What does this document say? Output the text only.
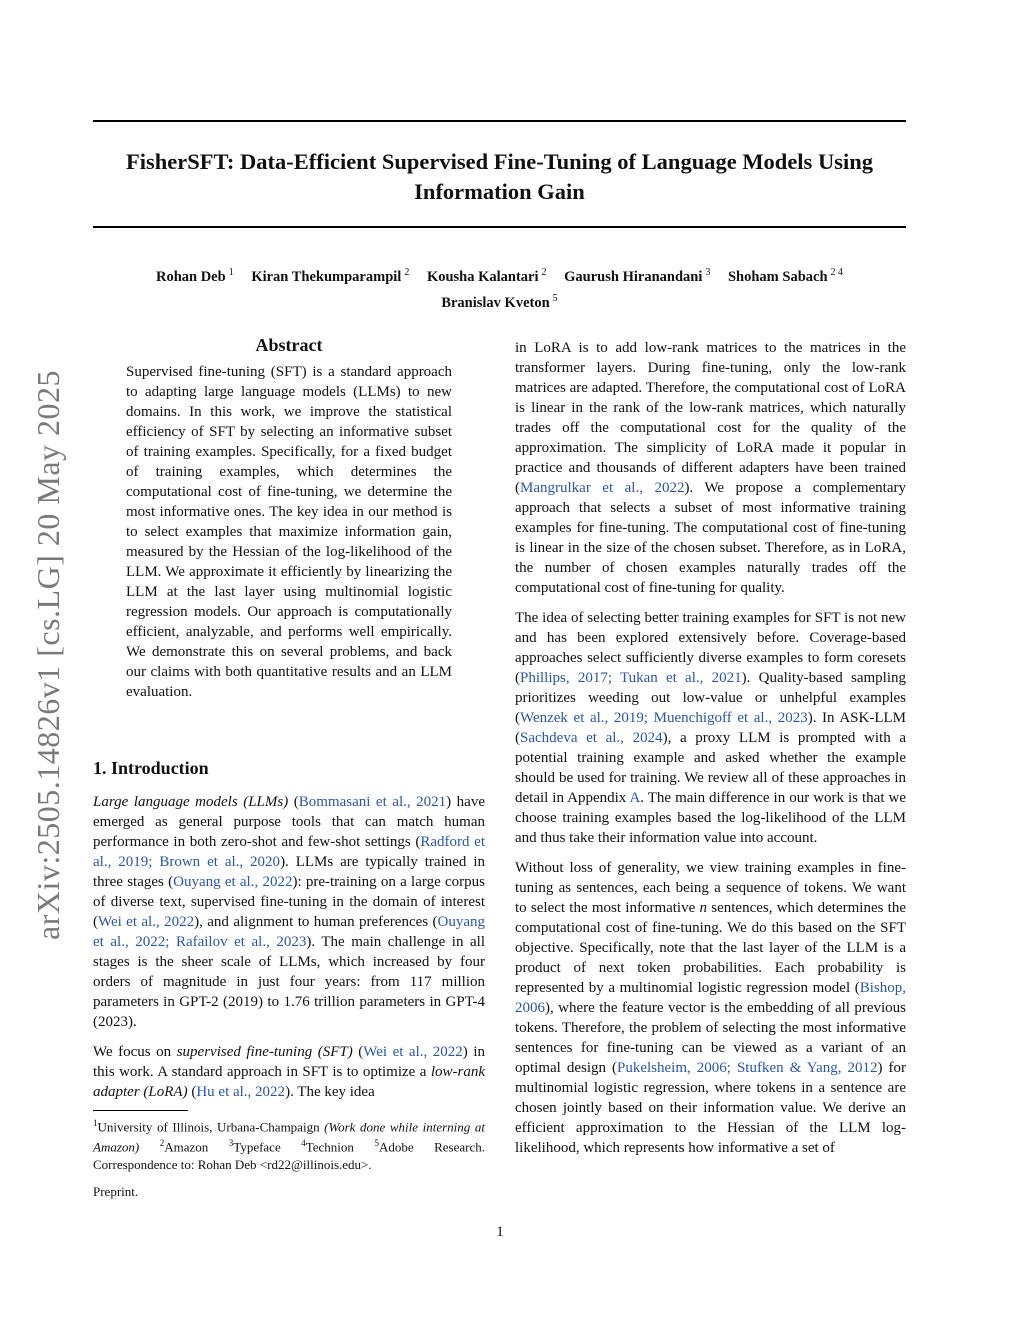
arXiv:2505.14826v1 [cs.LG] 20 May 2025
FisherSFT: Data-Efficient Supervised Fine-Tuning of Language Models Using Information Gain
Rohan Deb $^1$ Kiran Thekumparampil $^2$ Kousha Kalantari $^2$ Gaurush Hiranandani $^3$ Shoham Sabach $^{2 4}$
Branislav Kveton $^5$
Abstract

Supervised fine-tuning (SFT) is a standard approach to adapting large language models (LLMs) to new domains. In this work, we improve the statistical efficiency of SFT by selecting an informative subset of training examples. Specifically, for a fixed budget of training examples, which determines the computational cost of fine-tuning, we determine the most informative ones. The key idea in our method is to select examples that maximize information gain, measured by the Hessian of the log-likelihood of the LLM. We approximate it efficiently by linearizing the LLM at the last layer using multinomial logistic regression models. Our approach is computationally efficient, analyzable, and performs well empirically. We demonstrate this on several problems, and back our claims with both quantitative results and an LLM evaluation.

1. Introduction

Large language models (LLMs) (Bommasani et al., 2021) have emerged as general purpose tools that can match human performance in both zero-shot and few-shot settings (Radford et al., 2019; Brown et al., 2020). LLMs are typically trained in three stages (Ouyang et al., 2022): pre-training on a large corpus of diverse text, supervised fine-tuning in the domain of interest (Wei et al., 2022), and alignment to human preferences (Ouyang et al., 2022; Rafailov et al., 2023). The main challenge in all stages is the sheer scale of LLMs, which increased by four orders of magnitude in just four years: from 117 million parameters in GPT-2 (2019) to 1.76 trillion parameters in GPT-4 (2023).

We focus on supervised fine-tuning (SFT) (Wei et al., 2022) in this work. A standard approach in SFT is to optimize a low-rank adapter (LoRA) (Hu et al., 2022). The key idea

$^1$University of Illinois, Urbana-Champaign (Work done while interning at Amazon) $^2$Amazon $^3$Typeface $^4$Technion $^5$Adobe Research. Correspondence to: Rohan Deb <rd22@illinois.edu>.
Preprint.

in LoRA is to add low-rank matrices to the matrices in the transformer layers. During fine-tuning, only the low-rank matrices are adapted. Therefore, the computational cost of LoRA is linear in the rank of the low-rank matrices, which naturally trades off the computational cost for the quality of the approximation. The simplicity of LoRA made it popular in practice and thousands of different adapters have been trained (Mangrulkar et al., 2022). We propose a complementary approach that selects a subset of most informative training examples for fine-tuning. The computational cost of fine-tuning is linear in the size of the chosen subset. Therefore, as in LoRA, the number of chosen examples naturally trades off the computational cost of fine-tuning for quality.

The idea of selecting better training examples for SFT is not new and has been explored extensively before. Coverage-based approaches select sufficiently diverse examples to form coresets (Phillips, 2017; Tukan et al., 2021). Quality-based sampling prioritizes weeding out low-value or unhelpful examples (Wenzek et al., 2019; Muenchigoff et al., 2023). In ASK-LLM (Sachdeva et al., 2024), a proxy LLM is prompted with a potential training example and asked whether the example should be used for training. We review all of these approaches in detail in Appendix A. The main difference in our work is that we choose training examples based the log-likelihood of the LLM and thus take their information value into account.

Without loss of generality, we view training examples in fine-tuning as sentences, each being a sequence of tokens. We want to select the most informative n sentences, which determines the computational cost of fine-tuning. We do this based on the SFT objective. Specifically, note that the last layer of the LLM is a product of next token probabilities. Each probability is represented by a multinomial logistic regression model (Bishop, 2006), where the feature vector is the embedding of all previous tokens. Therefore, the problem of selecting the most informative sentences for fine-tuning can be viewed as a variant of an optimal design (Pukelsheim, 2006; Stufken & Yang, 2012) for multinomial logistic regression, where tokens in a sentence are chosen jointly based on their information value. We derive an efficient approximation to the Hessian of the LLM log-likelihood, which represents how informative a set of

1
